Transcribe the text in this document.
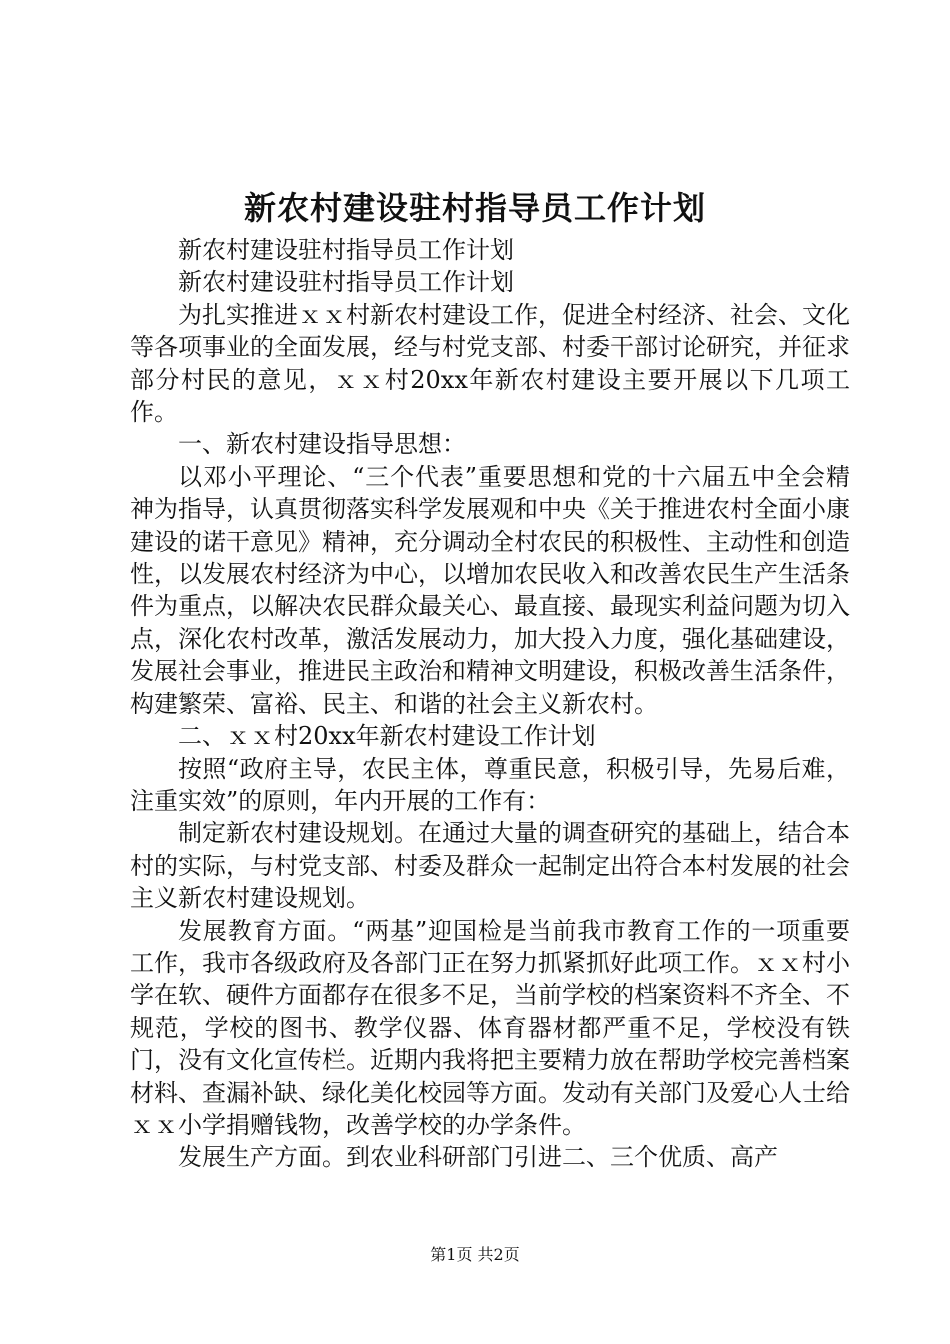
新农村建设驻村指导员工作计划

新农村建设驻村指导员工作计划

新农村建设驻村指导员工作计划

为扎实推进ｘｘ村新农村建设工作，促进全村经济、社会、文化等各项事业的全面发展，经与村党支部、村委干部讨论研究，并征求部分村民的意见，ｘｘ村20xx年新农村建设主要开展以下几项工作。

一、新农村建设指导思想：

以邓小平理论、“三个代表”重要思想和党的十六届五中全会精神为指导，认真贯彻落实科学发展观和中央《关于推进农村全面小康建设的诺干意见》精神，充分调动全村农民的积极性、主动性和创造性，以发展农村经济为中心，以增加农民收入和改善农民生产生活条件为重点，以解决农民群众最关心、最直接、最现实利益问题为切入点，深化农村改革，激活发展动力，加大投入力度，强化基础建设，发展社会事业，推进民主政治和精神文明建设，积极改善生活条件，构建繁荣、富裕、民主、和谐的社会主义新农村。

二、ｘｘ村20xx年新农村建设工作计划

按照“政府主导，农民主体，尊重民意，积极引导，先易后难，注重实效”的原则，年内开展的工作有：

制定新农村建设规划。在通过大量的调查研究的基础上，结合本村的实际，与村党支部、村委及群众一起制定出符合本村发展的社会主义新农村建设规划。

发展教育方面。“两基”迎国检是当前我市教育工作的一项重要工作，我市各级政府及各部门正在努力抓紧抓好此项工作。ｘｘ村小学在软、硬件方面都存在很多不足，当前学校的档案资料不齐全、不规范，学校的图书、教学仪器、体育器材都严重不足，学校没有铁门，没有文化宣传栏。近期内我将把主要精力放在帮助学校完善档案材料、查漏补缺、绿化美化校园等方面。发动有关部门及爱心人士给ｘｘ小学捐赠钱物，改善学校的办学条件。

发展生产方面。到农业科研部门引进二、三个优质、高产

第1页 共2页
